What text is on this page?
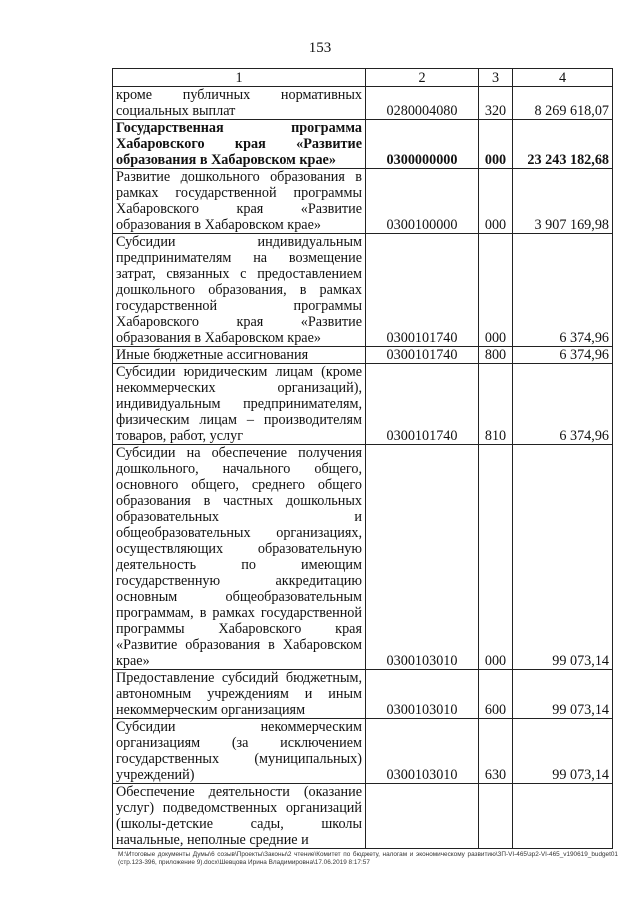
153
1	2	3	4
кроме публичных нормативных социальных выплат	0280004080	320	8 269 618,07
Государственная программа Хабаровского края «Развитие образования в Хабаровском крае»	0300000000	000	23 243 182,68
Развитие дошкольного образования в рамках государственной программы Хабаровского края «Развитие образования в Хабаровском крае»	0300100000	000	3 907 169,98
Субсидии индивидуальным предпринимателям на возмещение затрат, связанных с предоставлением дошкольного образования, в рамках государственной программы Хабаровского края «Развитие образования в Хабаровском крае»	0300101740	000	6 374,96
Иные бюджетные ассигнования	0300101740	800	6 374,96
Субсидии юридическим лицам (кроме некоммерческих организаций), индивидуальным предпринимателям, физическим лицам – производителям товаров, работ, услуг	0300101740	810	6 374,96
Субсидии на обеспечение получения дошкольного, начального общего, основного общего, среднего общего образования в частных дошкольных образовательных и общеобразовательных организациях, осуществляющих образовательную деятельность по имеющим государственную аккредитацию основным общеобразовательным программам, в рамках государственной программы Хабаровского края «Развитие образования в Хабаровском крае»	0300103010	000	99 073,14
Предоставление субсидий бюджетным, автономным учреждениям и иным некоммерческим организациям	0300103010	600	99 073,14
Субсидии некоммерческим организациям (за исключением государственных (муниципальных) учреждений)	0300103010	630	99 073,14
Обеспечение деятельности (оказание услуг) подведомственных организаций (школы-детские сады, школы начальные, неполные средние и			
М:\Итоговые документы Думы\6 созыв\Проекты\Законы\2 чтение\Комитет по бюджету, налогам и экономическому развитию\ЗП-VI-465\зр2-VI-465_v190619_budget01 (стр.123-396, приложение 9).docx\Шевцова Ирина Владимировна\17.06.2019 8:17:57
